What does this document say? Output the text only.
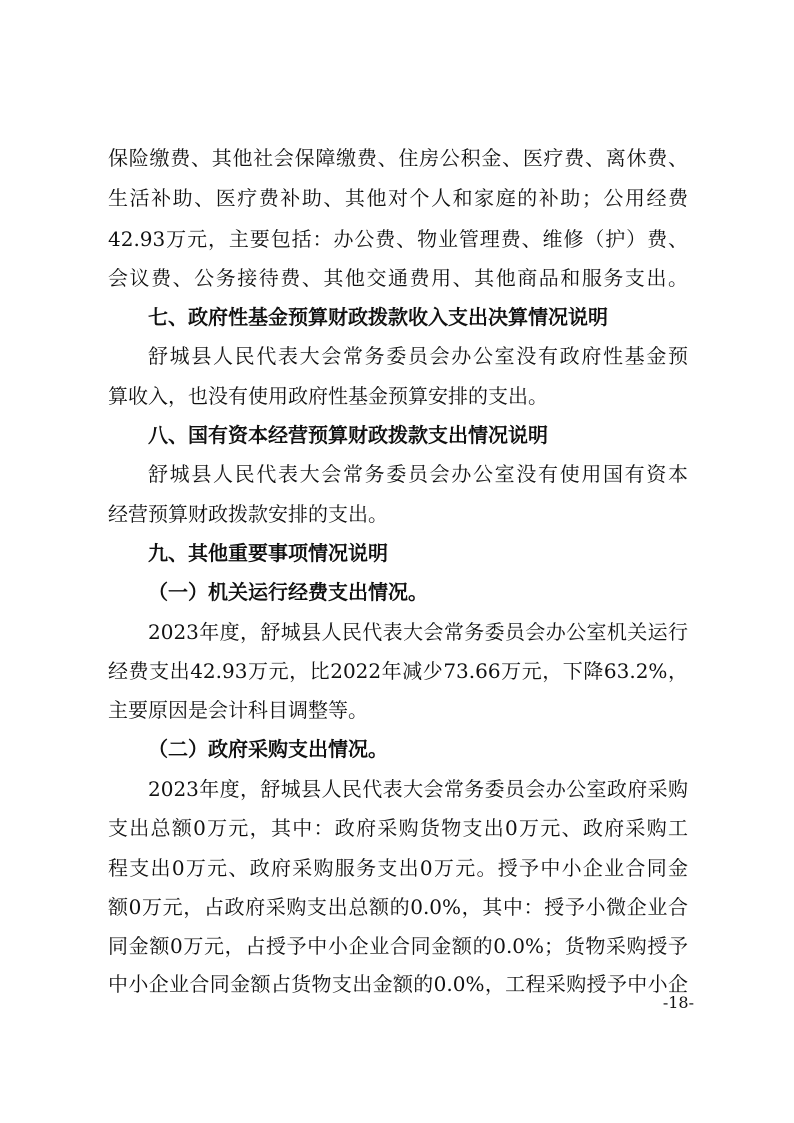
保险缴费、其他社会保障缴费、住房公积金、医疗费、离休费、
生活补助、医疗费补助、其他对个人和家庭的补助；公用经费
42.93万元，主要包括：办公费、物业管理费、维修（护）费、
会议费、公务接待费、其他交通费用、其他商品和服务支出。
七、政府性基金预算财政拨款收入支出决算情况说明
舒城县人民代表大会常务委员会办公室没有政府性基金预
算收入，也没有使用政府性基金预算安排的支出。
八、国有资本经营预算财政拨款支出情况说明
舒城县人民代表大会常务委员会办公室没有使用国有资本
经营预算财政拨款安排的支出。
九、其他重要事项情况说明
（一）机关运行经费支出情况。
2023年度，舒城县人民代表大会常务委员会办公室机关运行
经费支出42.93万元，比2022年减少73.66万元，下降63.2%，
主要原因是会计科目调整等。
（二）政府采购支出情况。
2023年度，舒城县人民代表大会常务委员会办公室政府采购
支出总额0万元，其中：政府采购货物支出0万元、政府采购工
程支出0万元、政府采购服务支出0万元。授予中小企业合同金
额0万元，占政府采购支出总额的0.0%，其中：授予小微企业合
同金额0万元，占授予中小企业合同金额的0.0%；货物采购授予
中小企业合同金额占货物支出金额的0.0%，工程采购授予中小企
-18-
